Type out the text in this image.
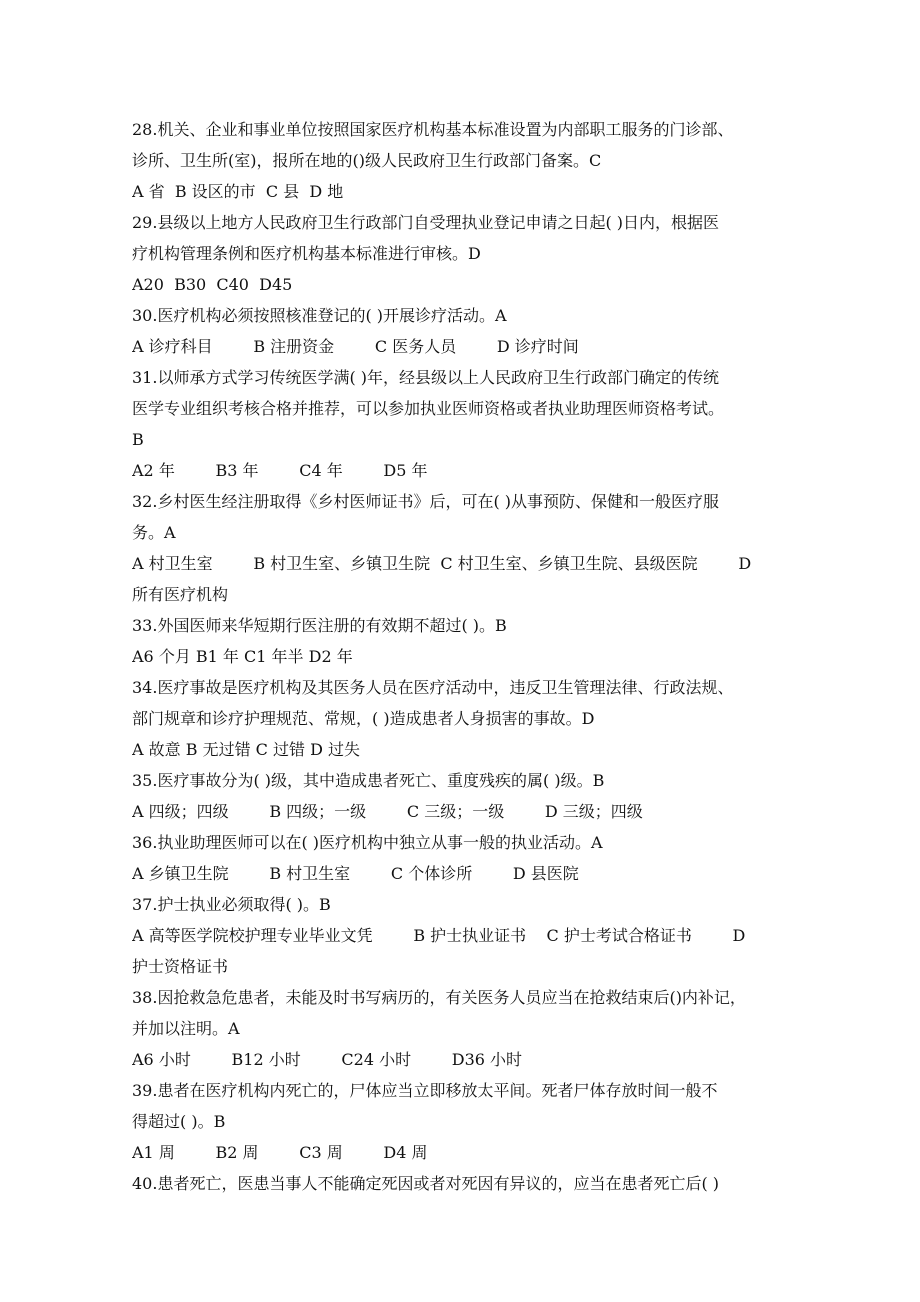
28.机关、企业和事业单位按照国家医疗机构基本标准设置为内部职工服务的门诊部、
诊所、卫生所(室)，报所在地的()级人民政府卫生行政部门备案。C
A 省  B 设区的市  C 县  D 地
29.县级以上地方人民政府卫生行政部门自受理执业登记申请之日起( )日内，根据医
疗机构管理条例和医疗机构基本标准进行审核。D
A20  B30  C40  D45
30.医疗机构必须按照核准登记的( )开展诊疗活动。A
A 诊疗科目        B 注册资金        C 医务人员        D 诊疗时间
31.以师承方式学习传统医学满( )年，经县级以上人民政府卫生行政部门确定的传统
医学专业组织考核合格并推荐，可以参加执业医师资格或者执业助理医师资格考试。
B
A2 年        B3 年        C4 年        D5 年
32.乡村医生经注册取得《乡村医师证书》后，可在( )从事预防、保健和一般医疗服
务。A
A 村卫生室        B 村卫生室、乡镇卫生院  C 村卫生室、乡镇卫生院、县级医院        D
所有医疗机构
33.外国医师来华短期行医注册的有效期不超过( )。B
A6 个月 B1 年 C1 年半 D2 年
34.医疗事故是医疗机构及其医务人员在医疗活动中，违反卫生管理法律、行政法规、
部门规章和诊疗护理规范、常规，( )造成患者人身损害的事故。D
A 故意 B 无过错 C 过错 D 过失
35.医疗事故分为( )级，其中造成患者死亡、重度残疾的属( )级。B
A 四级；四级        B 四级；一级        C 三级；一级        D 三级；四级
36.执业助理医师可以在( )医疗机构中独立从事一般的执业活动。A
A 乡镇卫生院        B 村卫生室        C 个体诊所        D 县医院
37.护士执业必须取得( )。B
A 高等医学院校护理专业毕业文凭        B 护士执业证书    C 护士考试合格证书        D
护士资格证书
38.因抢救急危患者，未能及时书写病历的，有关医务人员应当在抢救结束后()内补记，
并加以注明。A
A6 小时        B12 小时        C24 小时        D36 小时
39.患者在医疗机构内死亡的，尸体应当立即移放太平间。死者尸体存放时间一般不
得超过( )。B
A1 周        B2 周        C3 周        D4 周
40.患者死亡，医患当事人不能确定死因或者对死因有异议的，应当在患者死亡后( )
